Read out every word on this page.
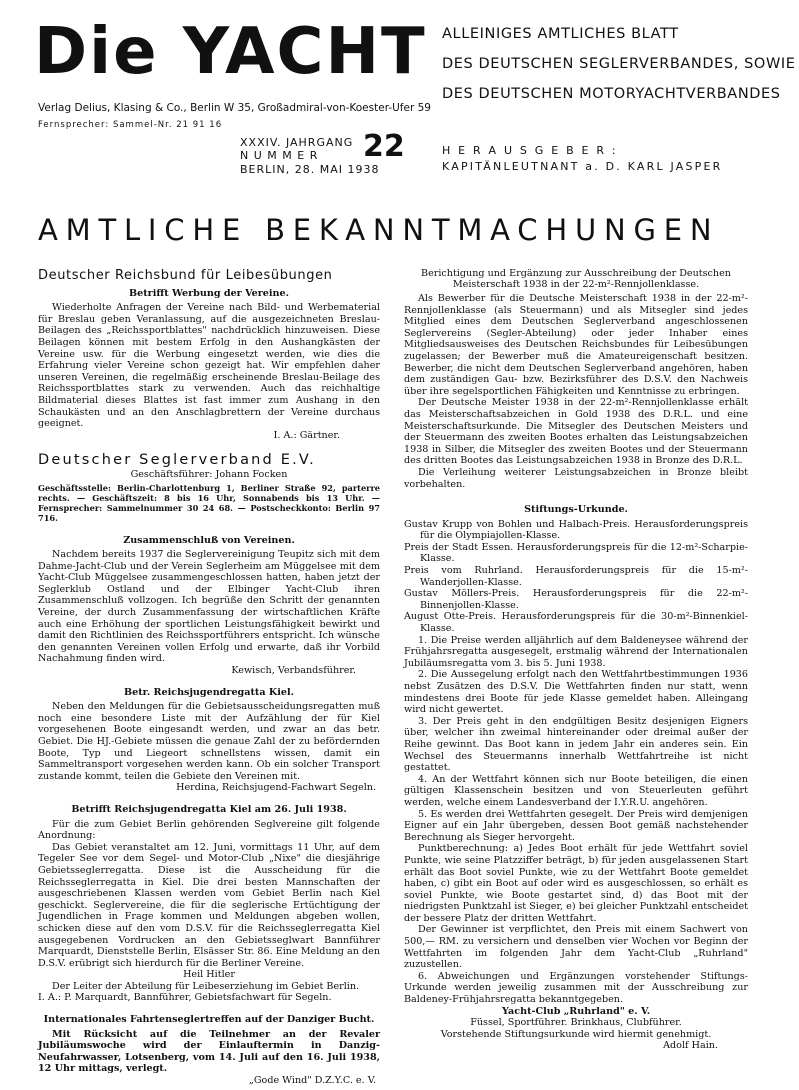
Die YACHT ALLEINIGES AMTLICHES BLATT
DES DEUTSCHEN SEGLERVERBANDES, SOWIE
DES DEUTSCHEN MOTORYACHTVERBANDES
Verlag Delius, Klasing & Co., Berlin W 35, Großadmiral-von-Koester-Ufer 59
Fernsprecher: Sammel-Nr. 21 91 16
XXXIV. JAHRGANG
N U M M E R
BERLIN, 28. MAI 1938
22	H E R A U S G E B E R :
KAPITÄNLEUTNANT a. D. KARL JASPER
AMTLICHE BEKANNTMACHUNGEN
Deutscher Reichsbund für Leibesübungen
Betrifft Werbung der Vereine.

Wiederholte Anfragen der Vereine nach Bild- und Werbematerial für Breslau geben Veranlassung, auf die ausgezeichneten Breslau-Beilagen des „Reichssportblattes" nachdrücklich hinzuweisen. Diese Beilagen können mit bestem Erfolg in den Aushangkästen der Vereine usw. für die Werbung eingesetzt werden, wie dies die Erfahrung vieler Vereine schon gezeigt hat. Wir empfehlen daher unseren Vereinen, die regelmäßig erscheinende Breslau-Beilage des Reichssportblattes stark zu verwenden. Auch das reichhaltige Bildmaterial dieses Blattes ist fast immer zum Aushang in den Schaukästen und an den Anschlagbrettern der Vereine durchaus geeignet.

I. A.: Gärtner.
Deutscher Seglerverband E.V.
Geschäftsführer: Johann Focken

Geschäftsstelle: Berlin-Charlottenburg 1, Berliner Straße 92, parterre rechts. — Geschäftszeit: 8 bis 16 Uhr, Sonnabends bis 13 Uhr. — Fernsprecher: Sammelnummer 30 24 68. — Postscheckkonto: Berlin 97 716.

Zusammenschluß von Vereinen.

Nachdem bereits 1937 die Seglervereinigung Teupitz sich mit dem Dahme-Jacht-Club und der Verein Seglerheim am Müggelsee mit dem Yacht-Club Müggelsee zusammengeschlossen hatten, haben jetzt der Seglerklub Ostland und der Elbinger Yacht-Club ihren Zusammenschluß vollzogen. Ich begrüße den Schritt der genannten Vereine, der durch Zusammenfassung der wirtschaftlichen Kräfte auch eine Erhöhung der sportlichen Leistungsfähigkeit bewirkt und damit den Richtlinien des Reichssportführers entspricht. Ich wünsche den genannten Vereinen vollen Erfolg und erwarte, daß ihr Vorbild Nachahmung finden wird.

Kewisch, Verbandsführer.
Betr. Reichsjugendregatta Kiel.

Neben den Meldungen für die Gebietsausscheidungsregatten muß noch eine besondere Liste mit der Aufzählung der für Kiel vorgesehenen Boote eingesandt werden, und zwar an das betr. Gebiet. Die HJ.-Gebiete müssen die genaue Zahl der zu befördernden Boote, Typ und Liegeort schnellstens wissen, damit ein Sammeltransport vorgesehen werden kann. Ob ein solcher Transport zustande kommt, teilen die Gebiete den Vereinen mit.

Herdina, Reichsjugend-Fachwart Segeln.
Betrifft Reichsjugendregatta Kiel am 26. Juli 1938.

Für die zum Gebiet Berlin gehörenden Seglvereine gilt folgende Anordnung:

Das Gebiet veranstaltet am 12. Juni, vormittags 11 Uhr, auf dem Tegeler See vor dem Segel- und Motor-Club „Nixe" die diesjährige Gebietsseglerregatta. Diese ist die Ausscheidung für die Reichsseglerregatta in Kiel. Die drei besten Mannschaften der ausgeschriebenen Klassen werden vom Gebiet Berlin nach Kiel geschickt. Seglervereine, die für die seglerische Ertüchtigung der Jugendlichen in Frage kommen und Meldungen abgeben wollen, schicken diese auf den vom D.S.V. für die Reichsseglerregatta Kiel ausgegebenen Vordrucken an den Gebietsseglwart Bannführer Marquardt, Dienststelle Berlin, Elsässer Str. 86. Eine Meldung an den D.S.V. erübrigt sich hierdurch für die Berliner Vereine.

Heil Hitler

Der Leiter der Abteilung für Leibeserziehung im Gebiet Berlin.

I. A.: P. Marquardt, Bannführer, Gebietsfachwart für Segeln.

Internationales Fahrtenseglertreffen auf der Danziger Bucht.

Mit Rücksicht auf die Teilnehmer an der Revaler Jubiläumswoche wird der Einlauftermin in Danzig-Neufahrwasser, Lotsenberg, vom 14. Juli auf den 16. Juli 1938, 12 Uhr mittags, verlegt.

„Gode Wind" D.Z.Y.C. e. V.
Berichtigung und Ergänzung zur Ausschreibung der Deutschen Meisterschaft 1938 in der 22-m²-Rennjollenklasse.

Als Bewerber für die Deutsche Meisterschaft 1938 in der 22-m²-Rennjollenklasse (als Steuermann) und als Mitsegler sind jedes Mitglied eines dem Deutschen Seglerverband angeschlossenen Seglervereins (Segler-Abteilung) oder jeder Inhaber eines Mitgliedsausweises des Deutschen Reichsbundes für Leibesübungen zugelassen; der Bewerber muß die Amateureigenschaft besitzen. Bewerber, die nicht dem Deutschen Seglerverband angehören, haben dem zuständigen Gau- bzw. Bezirksführer des D.S.V. den Nachweis über ihre segelsportlichen Fähigkeiten und Kenntnisse zu erbringen.

Der Deutsche Meister 1938 in der 22-m²-Rennjollenklasse erhält das Meisterschaftsabzeichen in Gold 1938 des D.R.L. und eine Meisterschaftsurkunde. Die Mitsegler des Deutschen Meisters und der Steuermann des zweiten Bootes erhalten das Leistungsabzeichen 1938 in Silber, die Mitsegler des zweiten Bootes und der Steuermann des dritten Bootes das Leistungsabzeichen 1938 in Bronze des D.R.L.

Die Verleihung weiterer Leistungsabzeichen in Bronze bleibt vorbehalten.

Stiftungs-Urkunde.

Gustav Krupp von Bohlen und Halbach-Preis. Herausforderungspreis für die Olympiajollen-Klasse.

Preis der Stadt Essen. Herausforderungspreis für die 12-m²-Scharpie-Klasse.

Preis vom Ruhrland. Herausforderungspreis für die 15-m²-Wanderjollen-Klasse.

Gustav Möllers-Preis. Herausforderungspreis für die 22-m²-Binnenjollen-Klasse.

August Otte-Preis. Herausforderungspreis für die 30-m²-Binnenkiel-Klasse.

1. Die Preise werden alljährlich auf dem Baldeneysee während der Frühjahrsregatta ausgesegelt, erstmalig während der Internationalen Jubiläumsregatta vom 3. bis 5. Juni 1938.

2. Die Aussegelung erfolgt nach den Wettfahrtbestimmungen 1936 nebst Zusätzen des D.S.V. Die Wettfahrten finden nur statt, wenn mindestens drei Boote für jede Klasse gemeldet haben. Alleingang wird nicht gewertet.

3. Der Preis geht in den endgültigen Besitz desjenigen Eigners über, welcher ihn zweimal hintereinander oder dreimal außer der Reihe gewinnt. Das Boot kann in jedem Jahr ein anderes sein. Ein Wechsel des Steuermanns innerhalb Wettfahrtreihe ist nicht gestattet.

4. An der Wettfahrt können sich nur Boote beteiligen, die einen gültigen Klassenschein besitzen und von Steuerleuten geführt werden, welche einem Landesverband der I.Y.R.U. angehören.

5. Es werden drei Wettfahrten gesegelt. Der Preis wird demjenigen Eigner auf ein Jahr übergeben, dessen Boot gemäß nachstehender Berechnung als Sieger hervorgeht.

Punktberechnung: a) Jedes Boot erhält für jede Wettfahrt soviel Punkte, wie seine Platzziffer beträgt, b) für jeden ausgelassenen Start erhält das Boot soviel Punkte, wie zu der Wettfahrt Boote gemeldet haben, c) gibt ein Boot auf oder wird es ausgeschlossen, so erhält es soviel Punkte, wie Boote gestartet sind, d) das Boot mit der niedrigsten Punktzahl ist Sieger, e) bei gleicher Punktzahl entscheidet der bessere Platz der dritten Wettfahrt.

Der Gewinner ist verpflichtet, den Preis mit einem Sachwert von 500,— RM. zu versichern und denselben vier Wochen vor Beginn der Wettfahrten im folgenden Jahr dem Yacht-Club „Ruhrland" zuzustellen.

6. Abweichungen und Ergänzungen vorstehender Stiftungs-Urkunde werden jeweilig zusammen mit der Ausschreibung zur Baldeney-Frühjahrsregatta bekanntgegeben.

Yacht-Club „Ruhrland" e. V.
Füssel, Sportführer. Brinkhaus, Clubführer.
Vorstehende Stiftungsurkunde wird hiermit genehmigt.
Adolf Hain.
